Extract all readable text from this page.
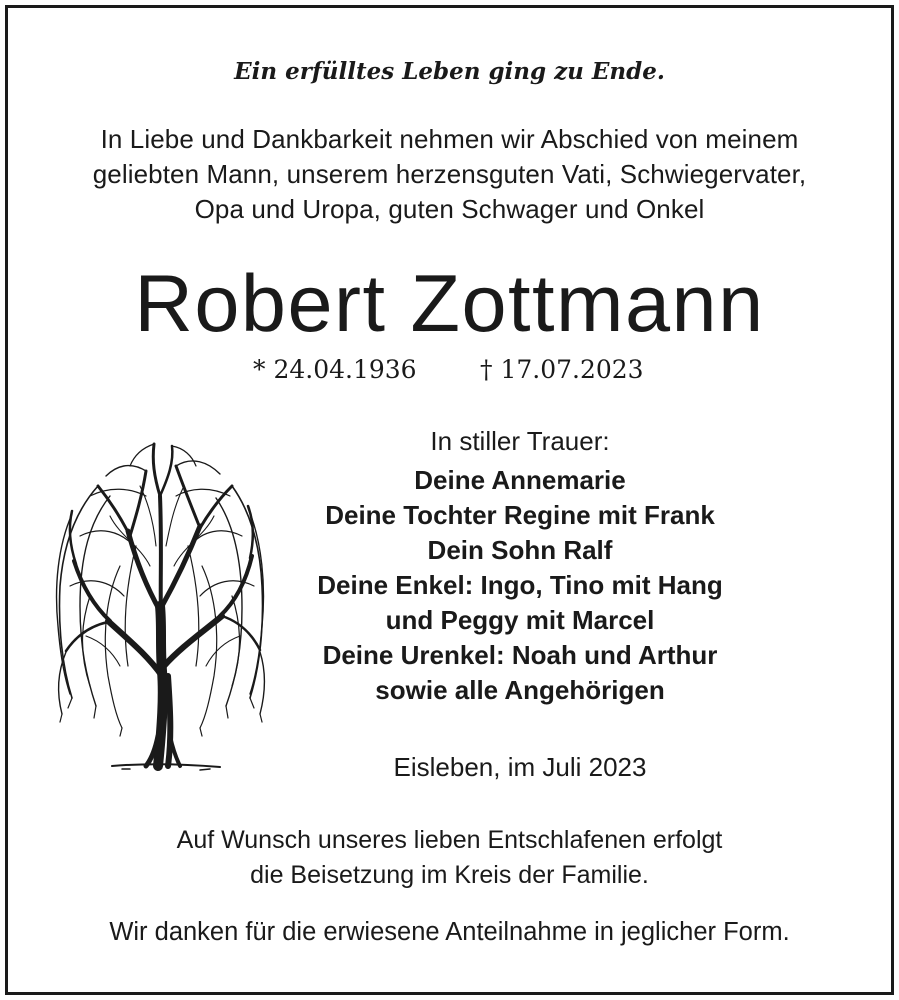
Ein erfülltes Leben ging zu Ende.
In Liebe und Dankbarkeit nehmen wir Abschied von meinem
geliebten Mann, unserem herzensguten Vati, Schwiegervater,
Opa und Uropa, guten Schwager und Onkel
Robert Zottmann
* 24.04.1936	† 17.07.2023
In stiller Trauer:
Deine Annemarie
Deine Tochter Regine mit Frank
Dein Sohn Ralf
Deine Enkel: Ingo, Tino mit Hang
und Peggy mit Marcel
Deine Urenkel: Noah und Arthur
sowie alle Angehörigen
Eisleben, im Juli 2023
Auf Wunsch unseres lieben Entschlafenen erfolgt
die Beisetzung im Kreis der Familie.
Wir danken für die erwiesene Anteilnahme in jeglicher Form.
